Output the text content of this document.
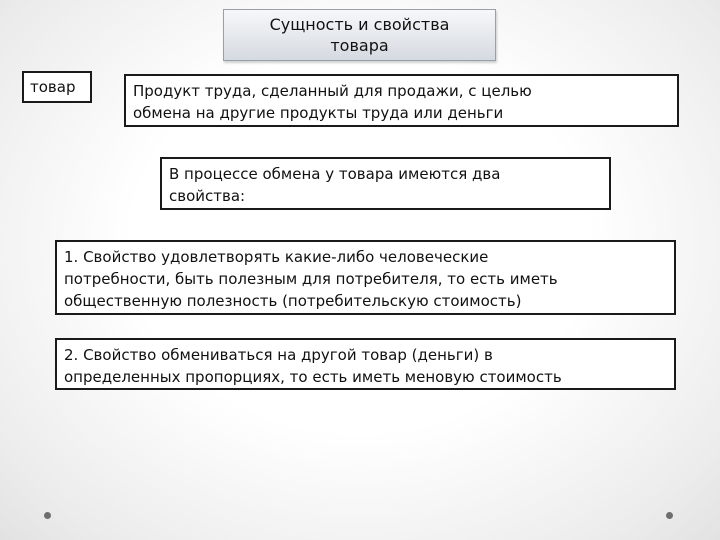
Сущность и свойства
товара
товар	Продукт труда, сделанный для продажи, с целью
обмена на другие продукты труда или деньги
В процессе обмена у товара имеются два
свойства:
1. Свойство удовлетворять какие-либо человеческие
потребности, быть полезным для потребителя, то есть иметь
общественную полезность (потребительскую стоимость)
2. Свойство обмениваться на другой товар (деньги) в
определенных пропорциях, то есть иметь меновую стоимость
